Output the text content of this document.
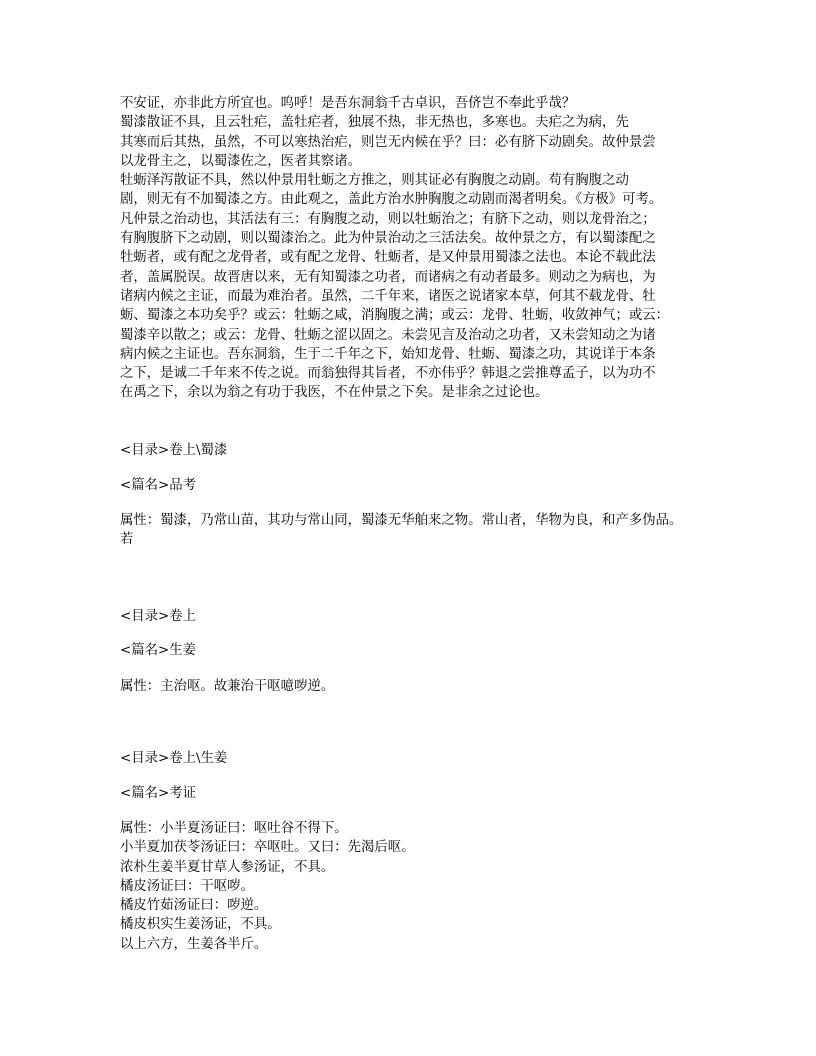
不安证，亦非此方所宜也。呜呼！是吾东洞翁千古卓识，吾侪岂不奉此乎哉？
蜀漆散证不具，且云牡疟，盖牡疟者，独展不热，非无热也，多寒也。夫疟之为病，先
其寒而后其热，虽然，不可以寒热治疟，则岂无内候在乎？曰：必有脐下动剧矣。故仲景尝
以龙骨主之，以蜀漆佐之，医者其察诸。
牡蛎泽泻散证不具，然以仲景用牡蛎之方推之，则其证必有胸腹之动剧。苟有胸腹之动
剧，则无有不加蜀漆之方。由此观之，盖此方治水肿胸腹之动剧而渴者明矣。《方极》可考。
凡仲景之治动也，其活法有三：有胸腹之动，则以牡蛎治之；有脐下之动，则以龙骨治之；
有胸腹脐下之动剧，则以蜀漆治之。此为仲景治动之三活法矣。故仲景之方，有以蜀漆配之
牡蛎者，或有配之龙骨者，或有配之龙骨、牡蛎者，是又仲景用蜀漆之法也。本论不载此法
者，盖属脱误。故晋唐以来，无有知蜀漆之功者，而诸病之有动者最多。则动之为病也，为
诸病内候之主证，而最为难治者。虽然，二千年来，诸医之说诸家本草，何其不载龙骨、牡
蛎、蜀漆之本功矣乎？或云：牡蛎之咸，消胸腹之满；或云：龙骨、牡蛎，收敛神气；或云：
蜀漆辛以散之；或云：龙骨、牡蛎之涩以固之。未尝见言及治动之功者，又未尝知动之为诸
病内候之主证也。吾东洞翁，生于二千年之下，始知龙骨、牡蛎、蜀漆之功，其说详于本条
之下，是诚二千年来不传之说。而翁独得其旨者，不亦伟乎？韩退之尝推尊孟子，以为功不
在禹之下，余以为翁之有功于我医，不在仲景之下矣。是非余之过论也。
<目录>卷上\蜀漆
<篇名>品考
属性：蜀漆，乃常山苗，其功与常山同，蜀漆无华舶来之物。常山者，华物为良，和产多伪品。
若
<目录>卷上
<篇名>生姜
属性：主治呕。故兼治干呕噫哕逆。
<目录>卷上\生姜
<篇名>考证
属性：小半夏汤证曰：呕吐谷不得下。
小半夏加茯苓汤证曰：卒呕吐。又曰：先渴后呕。
浓朴生姜半夏甘草人参汤证，不具。
橘皮汤证曰：干呕哕。
橘皮竹茹汤证曰：哕逆。
橘皮枳实生姜汤证，不具。
以上六方，生姜各半斤。
